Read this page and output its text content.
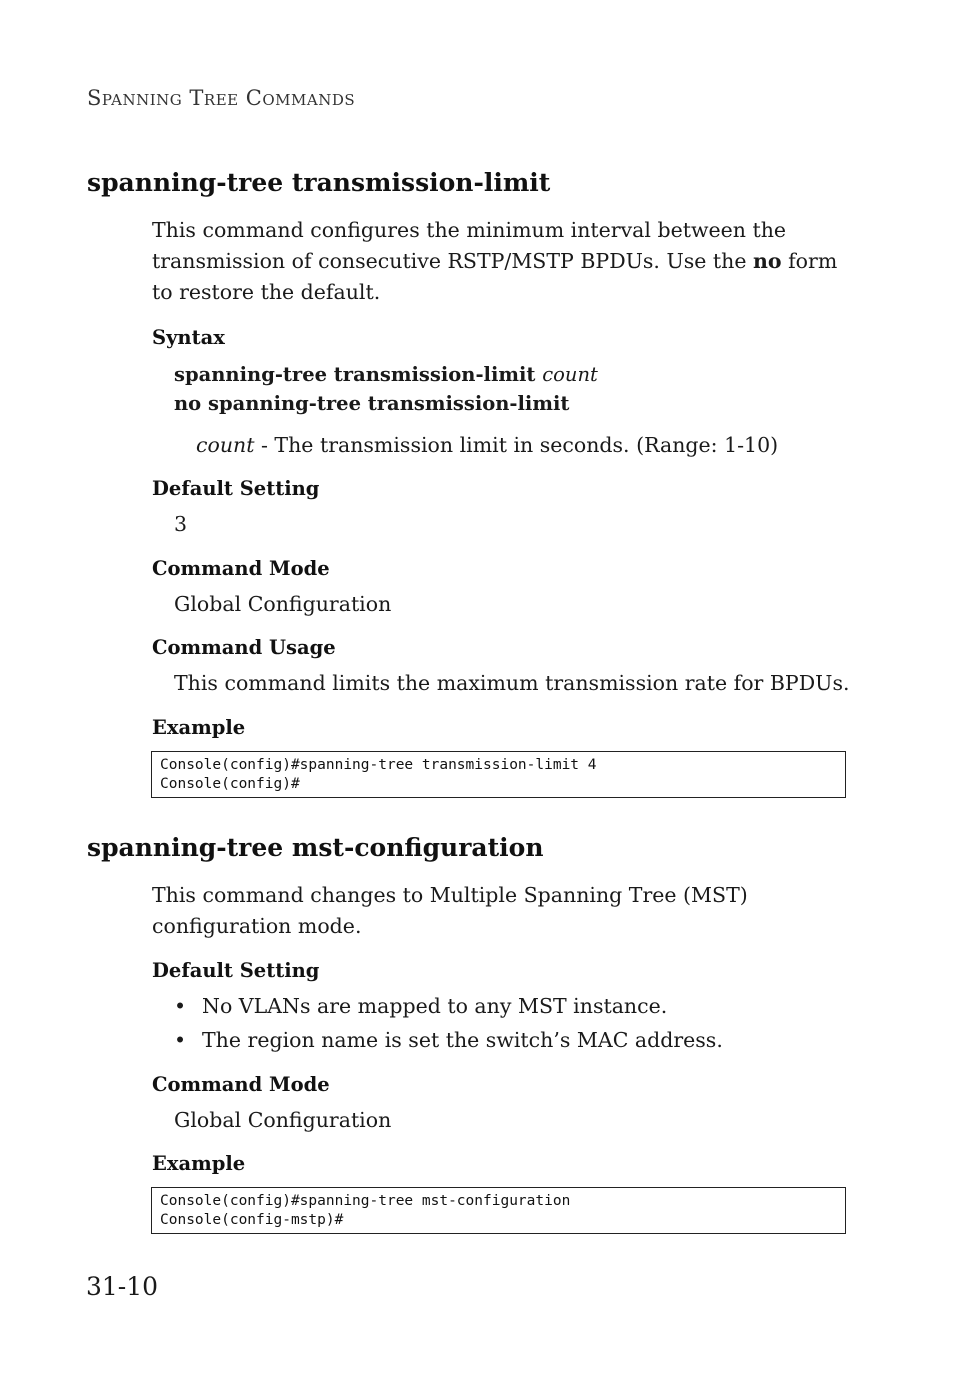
SPANNING TREE COMMANDS
spanning-tree transmission-limit
This command configures the minimum interval between the transmission of consecutive RSTP/MSTP BPDUs. Use the no form to restore the default.
Syntax
spanning-tree transmission-limit count
no spanning-tree transmission-limit
count - The transmission limit in seconds. (Range: 1-10)
Default Setting
3
Command Mode
Global Configuration
Command Usage
This command limits the maximum transmission rate for BPDUs.
Example
Console(config)#spanning-tree transmission-limit 4
Console(config)#
spanning-tree mst-configuration
This command changes to Multiple Spanning Tree (MST) configuration mode.
Default Setting
• No VLANs are mapped to any MST instance.
• The region name is set the switch’s MAC address.
Command Mode
Global Configuration
Example
Console(config)#spanning-tree mst-configuration
Console(config-mstp)#
31-10
